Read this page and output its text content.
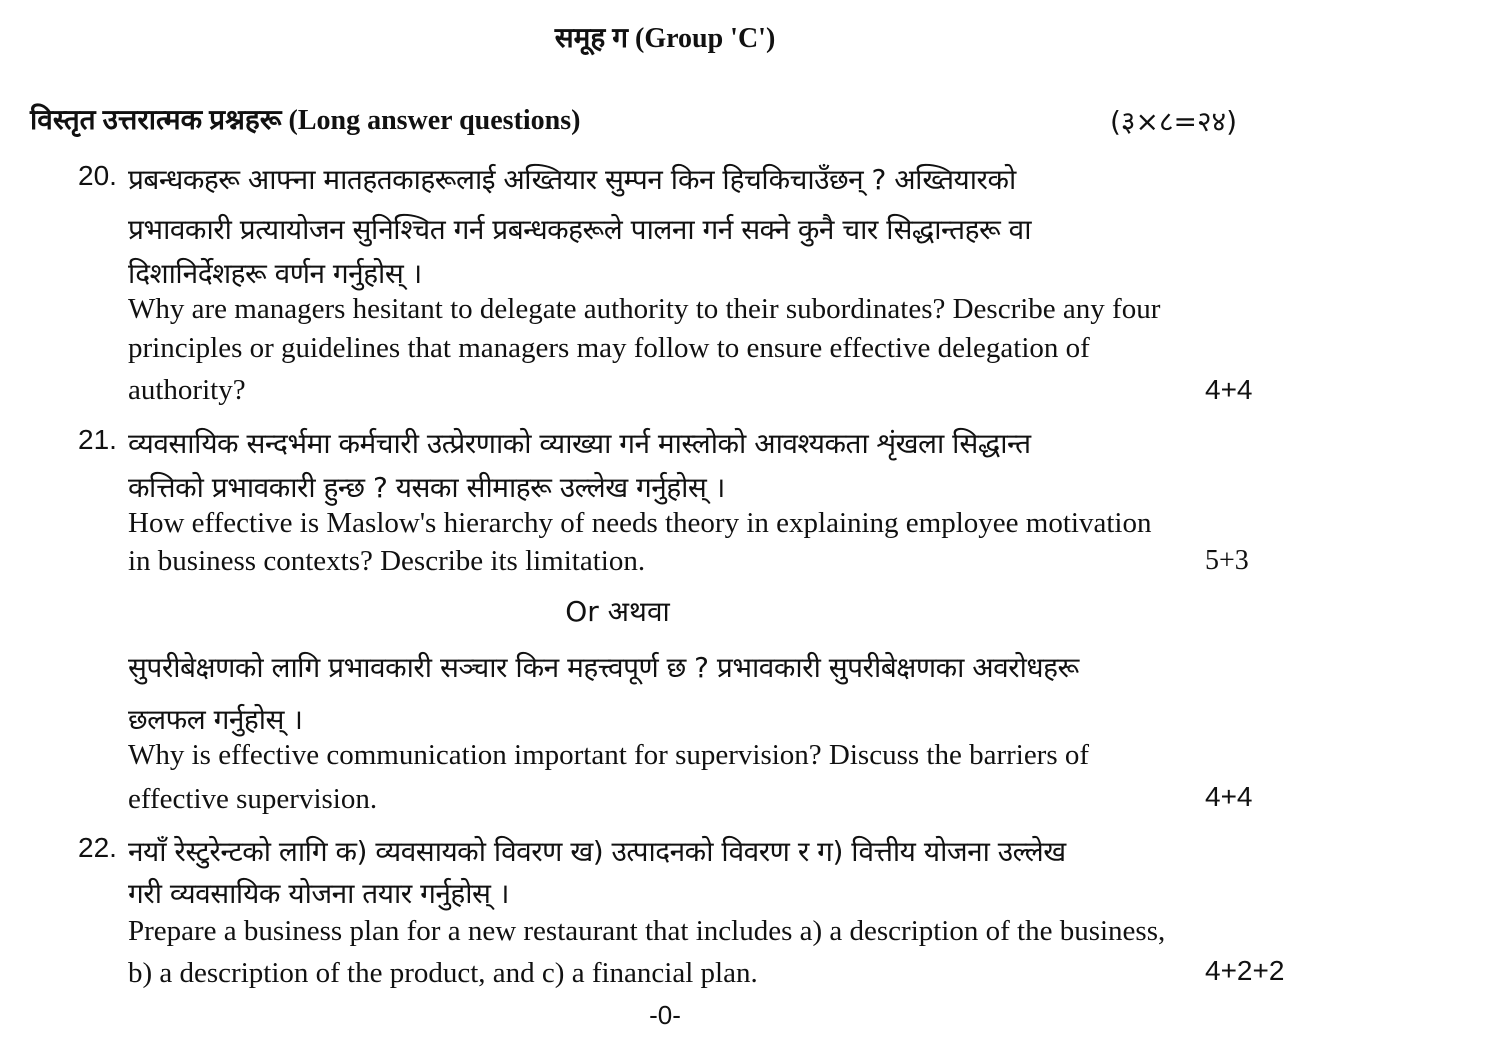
समूह ग (Group 'C')
विस्तृत उत्तरात्मक प्रश्नहरू (Long answer questions)	(३×८=२४)
20. प्रबन्धकहरू आफ्ना मातहतकाहरूलाई अख्तियार सुम्पन किन हिचकिचाउँछन् ? अख्तियारको
प्रभावकारी प्रत्यायोजन सुनिश्चित गर्न प्रबन्धकहरूले पालना गर्न सक्ने कुनै चार सिद्धान्तहरू वा
दिशानिर्देशहरू वर्णन गर्नुहोस् ।
Why are managers hesitant to delegate authority to their subordinates? Describe any four
principles or guidelines that managers may follow to ensure effective delegation of
authority?	4+4
21. व्यवसायिक सन्दर्भमा कर्मचारी उत्प्रेरणाको व्याख्या गर्न मास्लोको आवश्यकता शृंखला सिद्धान्त
कत्तिको प्रभावकारी हुन्छ ? यसका सीमाहरू उल्लेख गर्नुहोस् ।
How effective is Maslow's hierarchy of needs theory in explaining employee motivation
in business contexts? Describe its limitation.	5+3
Or अथवा
सुपरीबेक्षणको लागि प्रभावकारी सञ्चार किन महत्त्वपूर्ण छ ? प्रभावकारी सुपरीबेक्षणका अवरोधहरू
छलफल गर्नुहोस् ।
Why is effective communication important for supervision? Discuss the barriers of
effective supervision.	4+4
22. नयाँ रेस्टुरेन्टको लागि क) व्यवसायको विवरण ख) उत्पादनको विवरण र ग) वित्तीय योजना उल्लेख
गरी व्यवसायिक योजना तयार गर्नुहोस् ।
Prepare a business plan for a new restaurant that includes a) a description of the business,
b) a description of the product, and c) a financial plan.	4+2+2
-0-
